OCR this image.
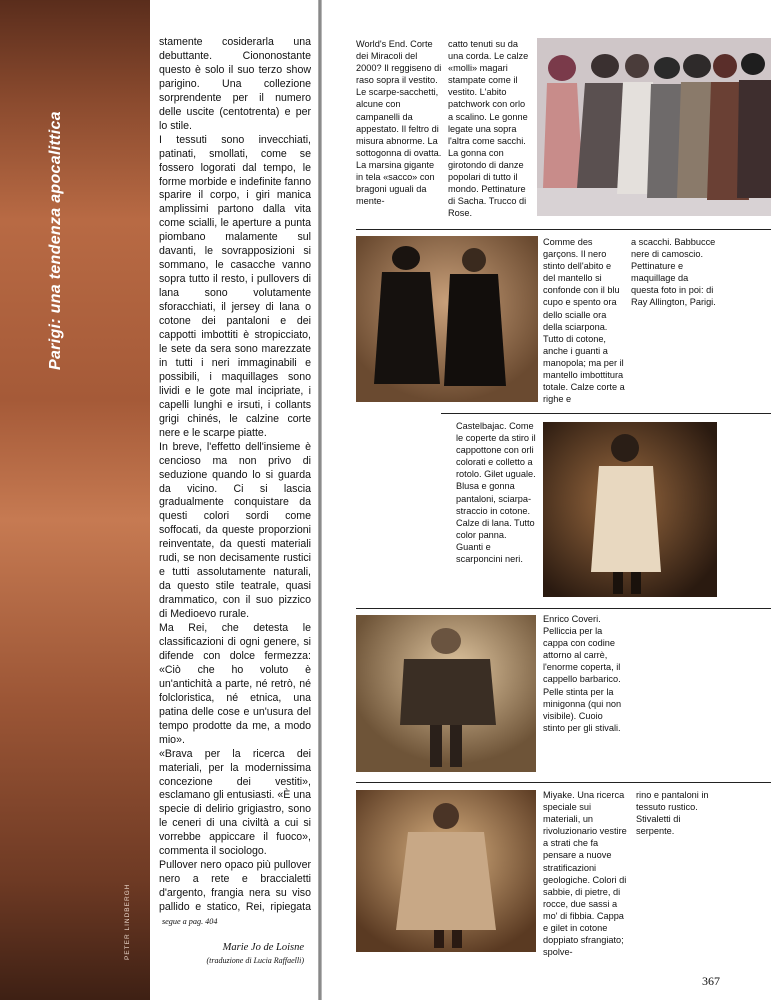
Parigi: una tendenza apocalittica
PETER LINDBERGH

stamente cosiderarla una debuttante. Ciononostante questo è solo il suo terzo show parigino. Una collezione sorprendente per il numero delle uscite (centotrenta) e per lo stile.

I tessuti sono invecchiati, patinati, smollati, come se fossero logorati dal tempo, le forme morbide e indefinite fanno sparire il corpo, i giri manica amplissimi partono dalla vita come scialli, le aperture a punta piombano malamente sul davanti, le sovrapposizioni si sommano, le casacche vanno sopra tutto il resto, i pullovers di lana sono volutamente sforacchiati, il jersey di lana o cotone dei pantaloni e dei cappotti imbottiti è stropicciato, le sete da sera sono marezzate in tutti i neri immaginabili e possibili, i maquillages sono lividi e le gote mal incipriate, i capelli lunghi e irsuti, i collants grigi chinés, le calzine corte nere e le scarpe piatte.

In breve, l'effetto dell'insieme è cencioso ma non privo di seduzione quando lo si guarda da vicino. Ci si lascia gradualmente conquistare da questi colori sordi come soffocati, da queste proporzioni reinventate, da questi materiali rudi, se non decisamente rustici e tutti assolutamente naturali, da questo stile teatrale, quasi drammatico, con il suo pizzico di Medioevo rurale.

Ma Rei, che detesta le classificazioni di ogni genere, si difende con dolce fermezza: «Ciò che ho voluto è un'antichità a parte, né retrò, né folcloristica, né etnica, una patina delle cose e un'usura del tempo prodotte da me, a modo mio».

«Brava per la ricerca dei materiali, per la modernissima concezione dei vestiti», esclamano gli entusiasti. «È una specie di delirio grigiastro, sono le ceneri di una civiltà a cui si vorrebbe appiccare il fuoco», commenta il sociologo.

Pullover nero opaco più pullover nero a rete e braccialetti d'argento, frangia nera su viso pallido e statico, Rei, ripiegata  segue a pag. 404

Marie Jo de Loisne
(traduzione di Lucia Raffaelli)

World's End. Corte dei Miracoli del 2000? Il reggiseno di raso sopra il vestito. Le scarpe-sacchetti, alcune con campanelli da appestato. Il feltro di misura abnorme. La sottogonna di ovatta. La marsina gigante in tela «sacco» con bragoni uguali da mente-

catto tenuti su da una corda. Le calze «molli» magari stampate come il vestito. L'abito patchwork con orlo a scalino. Le gonne legate una sopra l'altra come sacchi. La gonna con girotondo di danze popolari di tutto il mondo. Pettinature di Sacha. Trucco di Rose.

Comme des garçons. Il nero stinto dell'abito e del mantello si confonde con il blu cupo e spento ora dello scialle ora della sciarpona. Tutto di cotone, anche i guanti a manopola; ma per il mantello imbottitura totale. Calze corte a righe e

a scacchi. Babbucce nere di camoscio. Pettinature e maquillage da questa foto in poi: di Ray Allington, Parigi.

Castelbajac. Come le coperte da stiro il cappottone con orli colorati e colletto a rotolo. Gilet uguale. Blusa e gonna pantaloni, sciarpa-straccio in cotone. Calze di lana. Tutto color panna. Guanti e scarponcini neri.

Enrico Coveri. Pelliccia per la cappa con codine attorno al carrè, l'enorme coperta, il cappello barbarico. Pelle stinta per la minigonna (qui non visibile). Cuoio stinto per gli stivali.

Miyake. Una ricerca speciale sui materiali, un rivoluzionario vestire a strati che fa pensare a nuove stratificazioni geologiche. Colori di sabbie, di pietre, di rocce, due sassi a mo' di fibbia. Cappa e gilet in cotone doppiato sfrangiato; spolve-

rino e pantaloni in tessuto rustico. Stivaletti di serpente.

367
